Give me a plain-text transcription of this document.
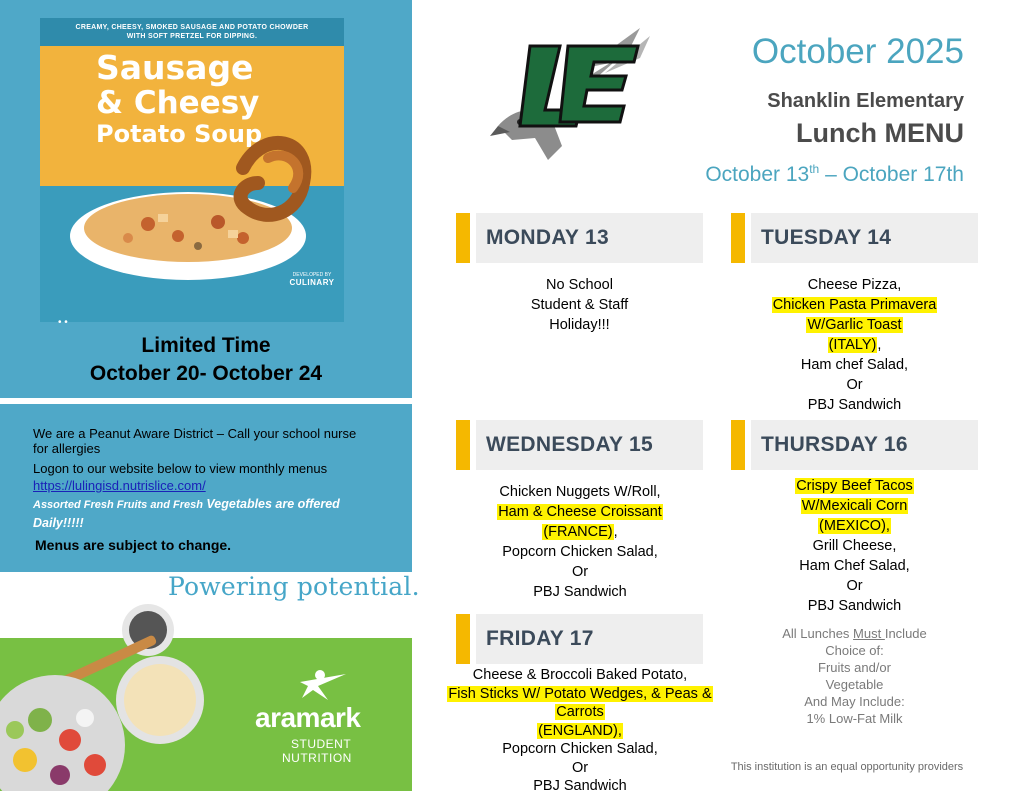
CREAMY, CHEESY, SMOKED SAUSAGE AND POTATO CHOWDER
WITH SOFT PRETZEL FOR DIPPING.
Sausage
& Cheesy
Potato Soup
DEVELOPED BY
CULINARY
• •
Limited Time
October 20- October 24
We are a Peanut Aware District – Call your school nurse for allergies
Logon to our website below to view monthly menus
https://lulingisd.nutrislice.com/
Assorted Fresh Fruits and Fresh Vegetables are offered Daily!!!!!
Menus are subject to change.
Powering potential.
aramark
STUDENT
NUTRITION
October 2025
Shanklin Elementary
Lunch MENU
October 13th – October 17th
MONDAY 13
No School
Student & Staff
Holiday!!!
TUESDAY 14
Cheese Pizza,
Chicken Pasta Primavera
W/Garlic Toast
(ITALY),
Ham chef Salad,
Or
PBJ Sandwich
WEDNESDAY 15
Chicken Nuggets W/Roll,
Ham & Cheese Croissant
(FRANCE),
Popcorn Chicken Salad,
Or
PBJ Sandwich
THURSDAY 16
Crispy Beef Tacos
W/Mexicali Corn
(MEXICO),
Grill Cheese,
Ham Chef Salad,
Or
PBJ Sandwich
FRIDAY 17
Cheese & Broccoli Baked Potato,
Fish Sticks W/ Potato Wedges, & Peas &
Carrots
(ENGLAND),
Popcorn Chicken Salad,
Or
PBJ Sandwich
All Lunches Must Include
Choice of:
Fruits and/or
Vegetable
And May Include:
1% Low-Fat Milk
This institution is an equal opportunity providers
